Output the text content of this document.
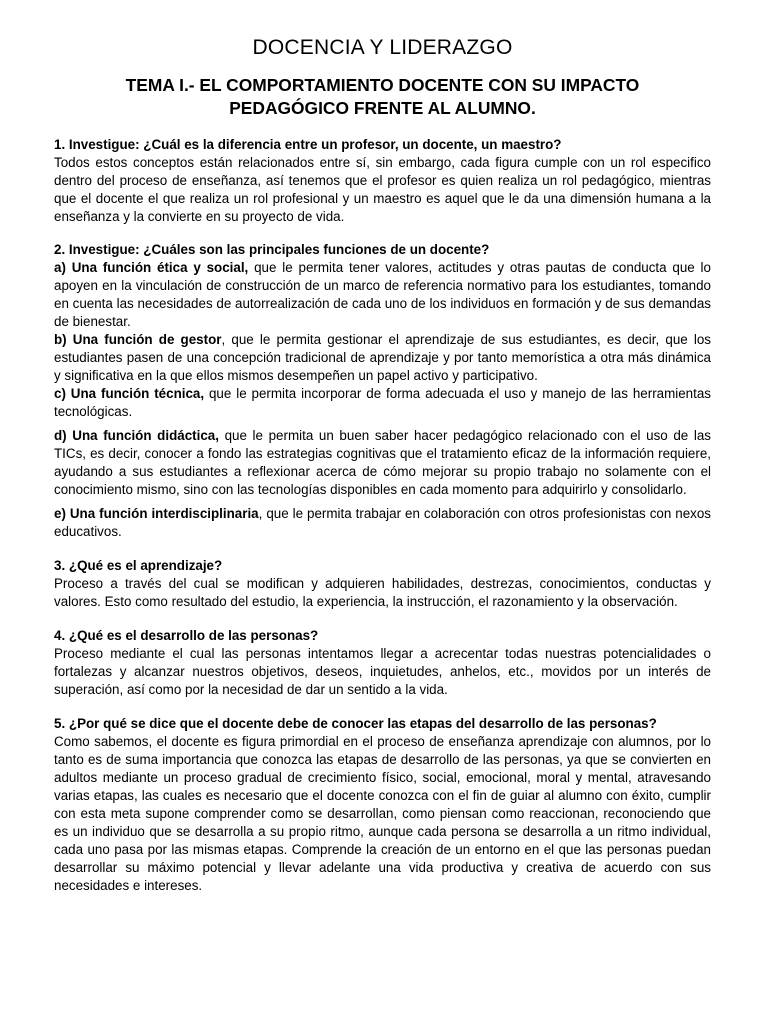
DOCENCIA Y LIDERAZGO
TEMA I.- EL COMPORTAMIENTO DOCENTE CON SU IMPACTO PEDAGÓGICO FRENTE AL ALUMNO.
1. Investigue: ¿Cuál es la diferencia entre un profesor, un docente, un maestro?

Todos estos conceptos están relacionados entre sí, sin embargo, cada figura cumple con un rol especifico dentro del proceso de enseñanza, así tenemos que el profesor es quien realiza un rol pedagógico, mientras que el docente el que realiza un rol profesional y un maestro es aquel que le da una dimensión humana a la enseñanza y la convierte en su proyecto de vida.

2. Investigue: ¿Cuáles son las principales funciones de un docente?

a) Una función ética y social, que le permita tener valores, actitudes y otras pautas de conducta que lo apoyen en la vinculación de construcción de un marco de referencia normativo para los estudiantes, tomando en cuenta las necesidades de autorrealización de cada uno de los individuos en formación y de sus demandas de bienestar.

b) Una función de gestor, que le permita gestionar el aprendizaje de sus estudiantes, es decir, que los estudiantes pasen de una concepción tradicional de aprendizaje y por tanto memorística a otra más dinámica y significativa en la que ellos mismos desempeñen un papel activo y participativo.

c) Una función técnica, que le permita incorporar de forma adecuada el uso y manejo de las herramientas tecnológicas.

d) Una función didáctica, que le permita un buen saber hacer pedagógico relacionado con el uso de las TICs, es decir, conocer a fondo las estrategias cognitivas que el tratamiento eficaz de la información requiere, ayudando a sus estudiantes a reflexionar acerca de cómo mejorar su propio trabajo no solamente con el conocimiento mismo, sino con las tecnologías disponibles en cada momento para adquirirlo y consolidarlo.

e) Una función interdisciplinaria, que le permita trabajar en colaboración con otros profesionistas con nexos educativos.

3. ¿Qué es el aprendizaje?

Proceso a través del cual se modifican y adquieren habilidades, destrezas, conocimientos, conductas y valores. Esto como resultado del estudio, la experiencia, la instrucción, el razonamiento y la observación.

4. ¿Qué es el desarrollo de las personas?

Proceso mediante el cual las personas intentamos llegar a acrecentar todas nuestras potencialidades o fortalezas y alcanzar nuestros objetivos, deseos, inquietudes, anhelos, etc., movidos por un interés de superación, así como por la necesidad de dar un sentido a la vida.

5. ¿Por qué se dice que el docente debe de conocer las etapas del desarrollo de las personas?

Como sabemos, el docente es figura primordial en el proceso de enseñanza aprendizaje con alumnos, por lo tanto es de suma importancia que conozca las etapas de desarrollo de las personas, ya que se convierten en adultos mediante un proceso gradual de crecimiento físico, social, emocional, moral y mental, atravesando varias etapas, las cuales es necesario que el docente conozca con el fin de guiar al alumno con éxito, cumplir con esta meta supone comprender como se desarrollan, como piensan como reaccionan, reconociendo que es un individuo que se desarrolla a su propio ritmo, aunque cada persona se desarrolla a un ritmo individual, cada uno pasa por las mismas etapas. Comprende la creación de un entorno en el que las personas puedan desarrollar su máximo potencial y llevar adelante una vida productiva y creativa de acuerdo con sus necesidades e intereses.
